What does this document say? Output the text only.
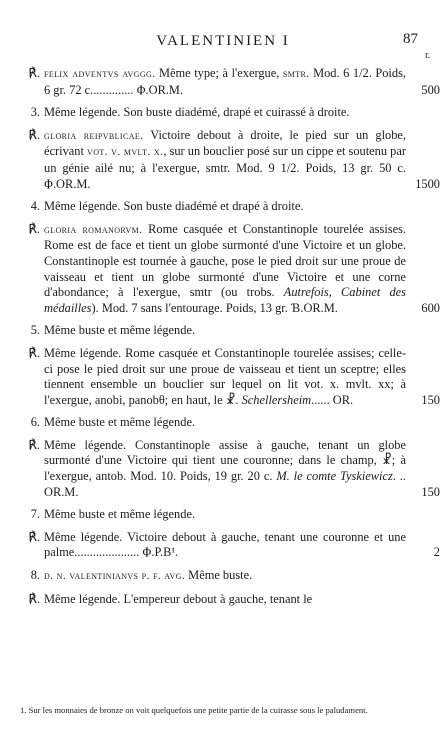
VALENTINIEN I	87
r.
℟. felix adventvs avggg. Même type; à l'exergue, smtr. Mod. 6 1/2. Poids, 6 gr. 72 c.............. Ⱇ.OR.M.	500
3. Même légende. Son buste diadémé, drapé et cuirassé à droite.
℟. gloria reipvblicae. Victoire debout à droite, le pied sur un globe, écrivant vot. v. mvlt. x., sur un bouclier posé sur un cippe et soutenu par un génie ailé nu; à l'exergue, smtr. Mod. 9 1/2. Poids, 13 gr. 50 c. Ⱇ.OR.M.	1500
4. Même légende. Son buste diadémé et drapé à droite.
℟. gloria romanorvm. Rome casquée et Constantinople tourelée assises. Rome est de face et tient un globe surmonté d'une Victoire et un globe. Constantinople est tournée à gauche, pose le pied droit sur une proue de vaisseau et tient un globe surmonté d'une Victoire et une corne d'abondance; à l'exergue, smtr (ou trobs. Autrefois, Cabinet des médailles). Mod. 7 sans l'entourage. Poids, 13 gr. Ɓ.OR.M.	600
5. Même buste et même légende.
℟. Même légende. Rome casquée et Constantinople tourelée assises; celle-ci pose le pied droit sur une proue de vaisseau et tient un sceptre; elles tiennent ensemble un bouclier sur lequel on lit vot. x. mvlt. xx; à l'exergue, anobi, panobθ; en haut, le ☧. Schellersheim...... OR.	150
6. Même buste et même légende.
℟. Même légende. Constantinople assise à gauche, tenant un globe surmonté d'une Victoire qui tient une couronne; dans le champ, ☧; à l'exergue, antob. Mod. 10. Poids, 19 gr. 20 c. M. le comte Tyskiewicz. .. OR.M.	150
7. Même buste et même légende.
℟. Même légende. Victoire debout à gauche, tenant une couronne et une palme..................... Ⱇ.P.B¹.	2
8. d. n. valentinianvs p. f. avg. Même buste.
℟. Même légende. L'empereur debout à gauche, tenant le
1. Sur les monnaies de bronze on voit quelquefois une petite partie de la cuirasse sous le paludament.
